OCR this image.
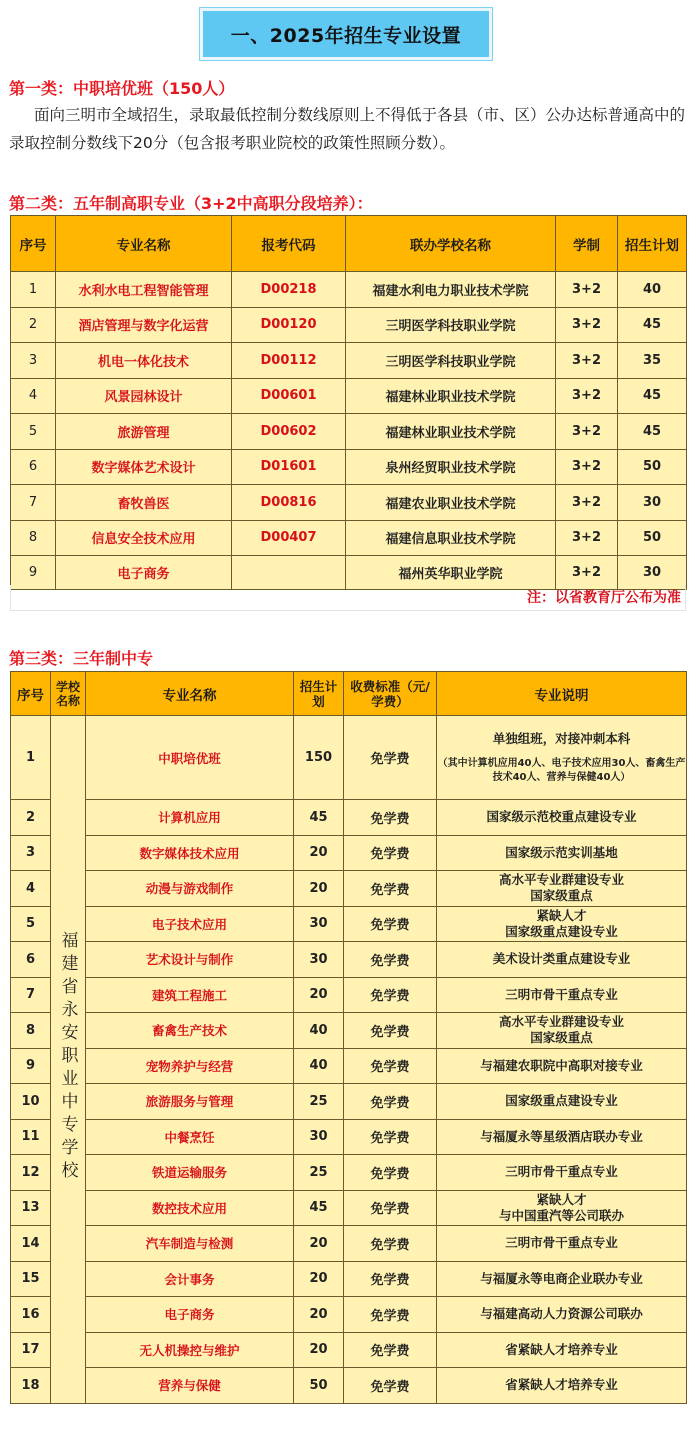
一、2025年招生专业设置
第一类：中职培优班（150人）
面向三明市全域招生，录取最低控制分数线原则上不得低于各县（市、区）公办达标普通高中的录取控制分数线下20分（包含报考职业院校的政策性照顾分数）。
第二类：五年制高职专业（3+2中高职分段培养）：
序号	专业名称	报考代码	联办学校名称	学制	招生计划
1	水利水电工程智能管理	D00218	福建水利电力职业技术学院	3+2	40
2	酒店管理与数字化运营	D00120	三明医学科技职业学院	3+2	45
3	机电一体化技术	D00112	三明医学科技职业学院	3+2	35
4	风景园林设计	D00601	福建林业职业技术学院	3+2	45
5	旅游管理	D00602	福建林业职业技术学院	3+2	45
6	数字媒体艺术设计	D01601	泉州经贸职业技术学院	3+2	50
7	畜牧兽医	D00816	福建农业职业技术学院	3+2	30
8	信息安全技术应用	D00407	福建信息职业技术学院	3+2	50
9	电子商务		福州英华职业学院	3+2	30
注：以省教育厅公布为准
第三类：三年制中专
序号	学校名称	专业名称	招生计划	收费标准（元/学费）	专业说明
1	福建省永安职业中专学校	中职培优班	150	免学费	单独组班，对接冲刺本科
（其中计算机应用40人、电子技术应用30人、畜禽生产技术40人、营养与保健40人）

2		计算机应用	45	免学费	国家级示范校重点建设专业

3		数字媒体技术应用	20	免学费	国家级示范实训基地

4		动漫与游戏制作	20	免学费	高水平专业群建设专业
国家级重点

5		电子技术应用	30	免学费	紧缺人才
国家级重点建设专业

6		艺术设计与制作	30	免学费	美术设计类重点建设专业

7		建筑工程施工	20	免学费	三明市骨干重点专业

8		畜禽生产技术	40	免学费	高水平专业群建设专业
国家级重点

9		宠物养护与经营	40	免学费	与福建农职院中高职对接专业

10		旅游服务与管理	25	免学费	国家级重点建设专业

11		中餐烹饪	30	免学费	与福厦永等星级酒店联办专业

12		铁道运输服务	25	免学费	三明市骨干重点专业

13		数控技术应用	45	免学费	紧缺人才
与中国重汽等公司联办

14		汽车制造与检测	20	免学费	三明市骨干重点专业

15		会计事务	20	免学费	与福厦永等电商企业联办专业

16		电子商务	20	免学费	与福建高动人力资源公司联办

17		无人机操控与维护	20	免学费	省紧缺人才培养专业

18		营养与保健	50	免学费	省紧缺人才培养专业
